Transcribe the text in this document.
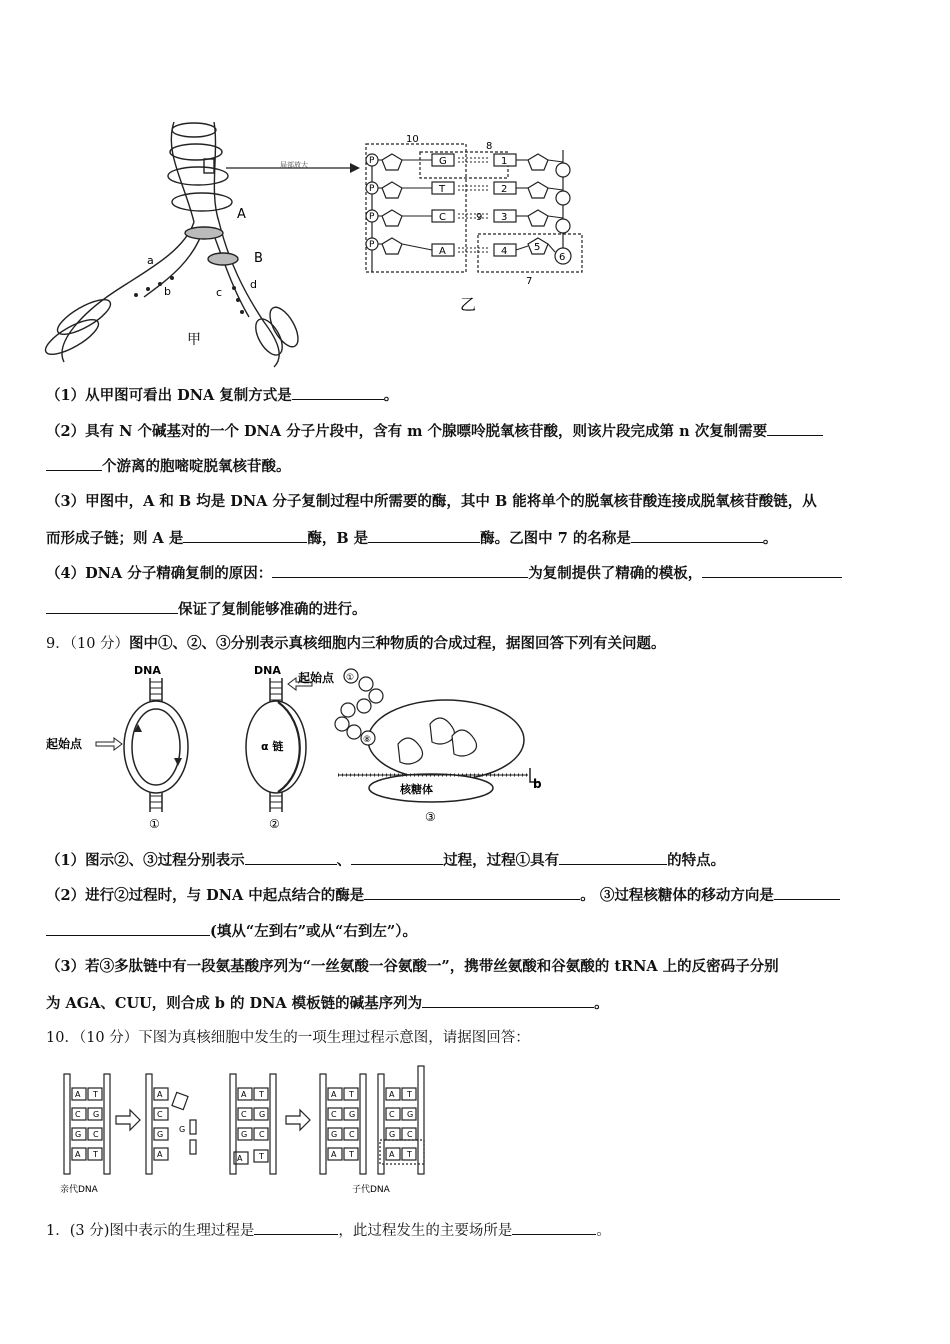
A
B
a
b	c
d
甲
局部放大	P
P
P
P
G
T
C
A
1
2
3
4	5
6
7
8
9
10
乙
（1）从甲图可看出 DNA 复制方式是	。
（2）具有 N 个碱基对的一个 DNA 分子片段中，含有 m 个腺嘌呤脱氧核苷酸，则该片段完成第 n 次复制需要
个游离的胞嘧啶脱氧核苷酸。
（3）甲图中，A 和 B 均是 DNA 分子复制过程中所需要的酶，其中 B 能将单个的脱氧核苷酸连接成脱氧核苷酸链，从
而形成子链；则 A 是	酶，B 是	酶。乙图中 7 的名称是	。
（4）DNA 分子精确复制的原因：	为复制提供了精确的模板，
保证了复制能够准确的进行。
9．（10 分）图中①、②、③分别表示真核细胞内三种物质的合成过程，据图回答下列有关问题。
DNA	DNA
起始点
起始点
α 链
核糖体
①	②	③
①
⑧
b
（1）图示②、③过程分别表示	、	过程，过程①具有	的特点。
（2）进行②过程时，与 DNA 中起点结合的酶是	。 ③过程核糖体的移动方向是
(填从“左到右”或从“右到左”）。
（3）若③多肽链中有一段氨基酸序列为“一丝氨酸一谷氨酸一”，携带丝氨酸和谷氨酸的 tRNA 上的反密码子分别
为 AGA、CUU，则合成 b 的 DNA 模板链的碱基序列为	。
10．（10 分）下图为真核细胞中发生的一项生理过程示意图，请据图回答：
A T
C G
G C
A T
A
C
G
A
G
A T
C G
G C
A T
A T
C G
G C
A T
A T
C G
G C
A T
亲代DNA	子代DNA
1．(3 分)图中表示的生理过程是	，此过程发生的主要场所是	。
